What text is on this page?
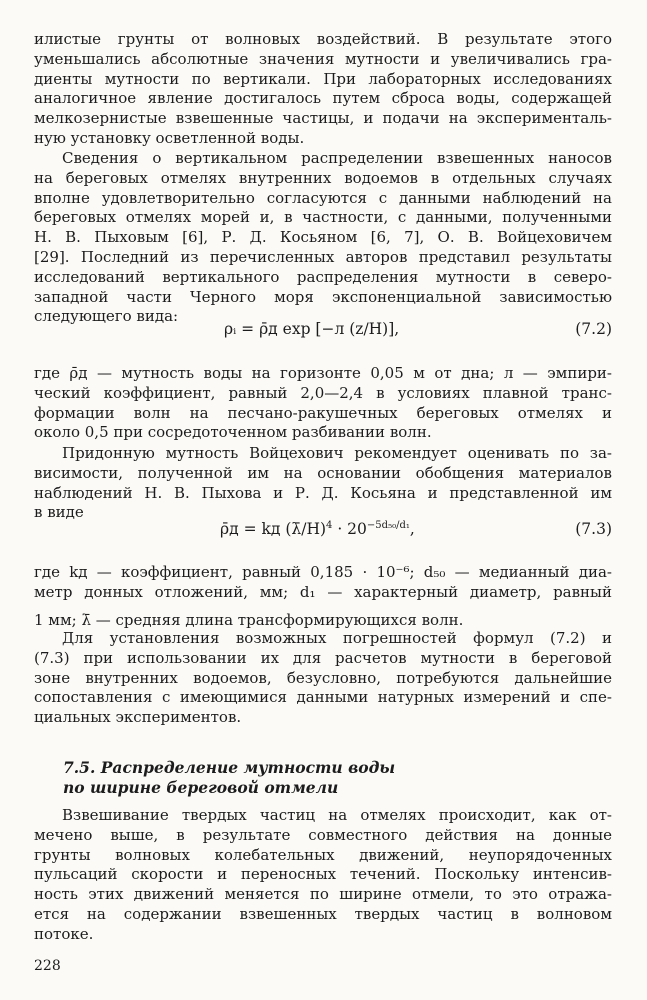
илистые грунты от волновых воздействий. В результате этого
уменьшались абсолютные значения мутности и увеличивались гра-
диенты мутности по вертикали. При лабораторных исследованиях
аналогичное явление достигалось путем сброса воды, содержащей
мелкозернистые взвешенные частицы, и подачи на эксперименталь-
ную установку осветленной воды.
Сведения о вертикальном распределении взвешенных наносов
на береговых отмелях внутренних водоемов в отдельных случаях
вполне удовлетворительно согласуются с данными наблюдений на
береговых отмелях морей и, в частности, с данными, полученными
Н. В. Пыховым [6], Р. Д. Косьяном [6, 7], О. В. Войцеховичем
[29]. Последний из перечисленных авторов представил результаты
исследований вертикального распределения мутности в северо-
западной части Черного моря экспоненциальной зависимостью
следующего вида:
ρᵢ = ρ̄д exp [−л (z/H)],	(7.2)
где ρ̄д — мутность воды на горизонте 0,05 м от дна; л — эмпири-
ческий коэффициент, равный 2,0—2,4 в условиях плавной транс-
формации волн на песчано-ракушечных береговых отмелях и
около 0,5 при сосредоточенном разбивании волн.
Придонную мутность Войцехович рекомендует оценивать по за-
висимости, полученной им на основании обобщения материалов
наблюдений Н. В. Пыхова и Р. Д. Косьяна и представленной им
в виде
ρ̄д = kд (λ̄/H)$^4$ · $20^{-5d_{50}/d_1}$,	(7.3)
где kд — коэффициент, равный 0,185 · 10⁻⁶; d₅₀ — медианный диа-
метр донных отложений, мм; d₁ — характерный диаметр, равный
1 мм; λ̄ — средняя длина трансформирующихся волн.
Для установления возможных погрешностей формул (7.2) и
(7.3) при использовании их для расчетов мутности в береговой
зоне внутренних водоемов, безусловно, потребуются дальнейшие
сопоставления с имеющимися данными натурных измерений и спе-
циальных экспериментов.
7.5. Распределение мутности воды
по ширине береговой отмели
Взвешивание твердых частиц на отмелях происходит, как от-
мечено выше, в результате совместного действия на донные
грунты волновых колебательных движений, неупорядоченных
пульсаций скорости и переносных течений. Поскольку интенсив-
ность этих движений меняется по ширине отмели, то это отража-
ется на содержании взвешенных твердых частиц в волновом
потоке.
228
